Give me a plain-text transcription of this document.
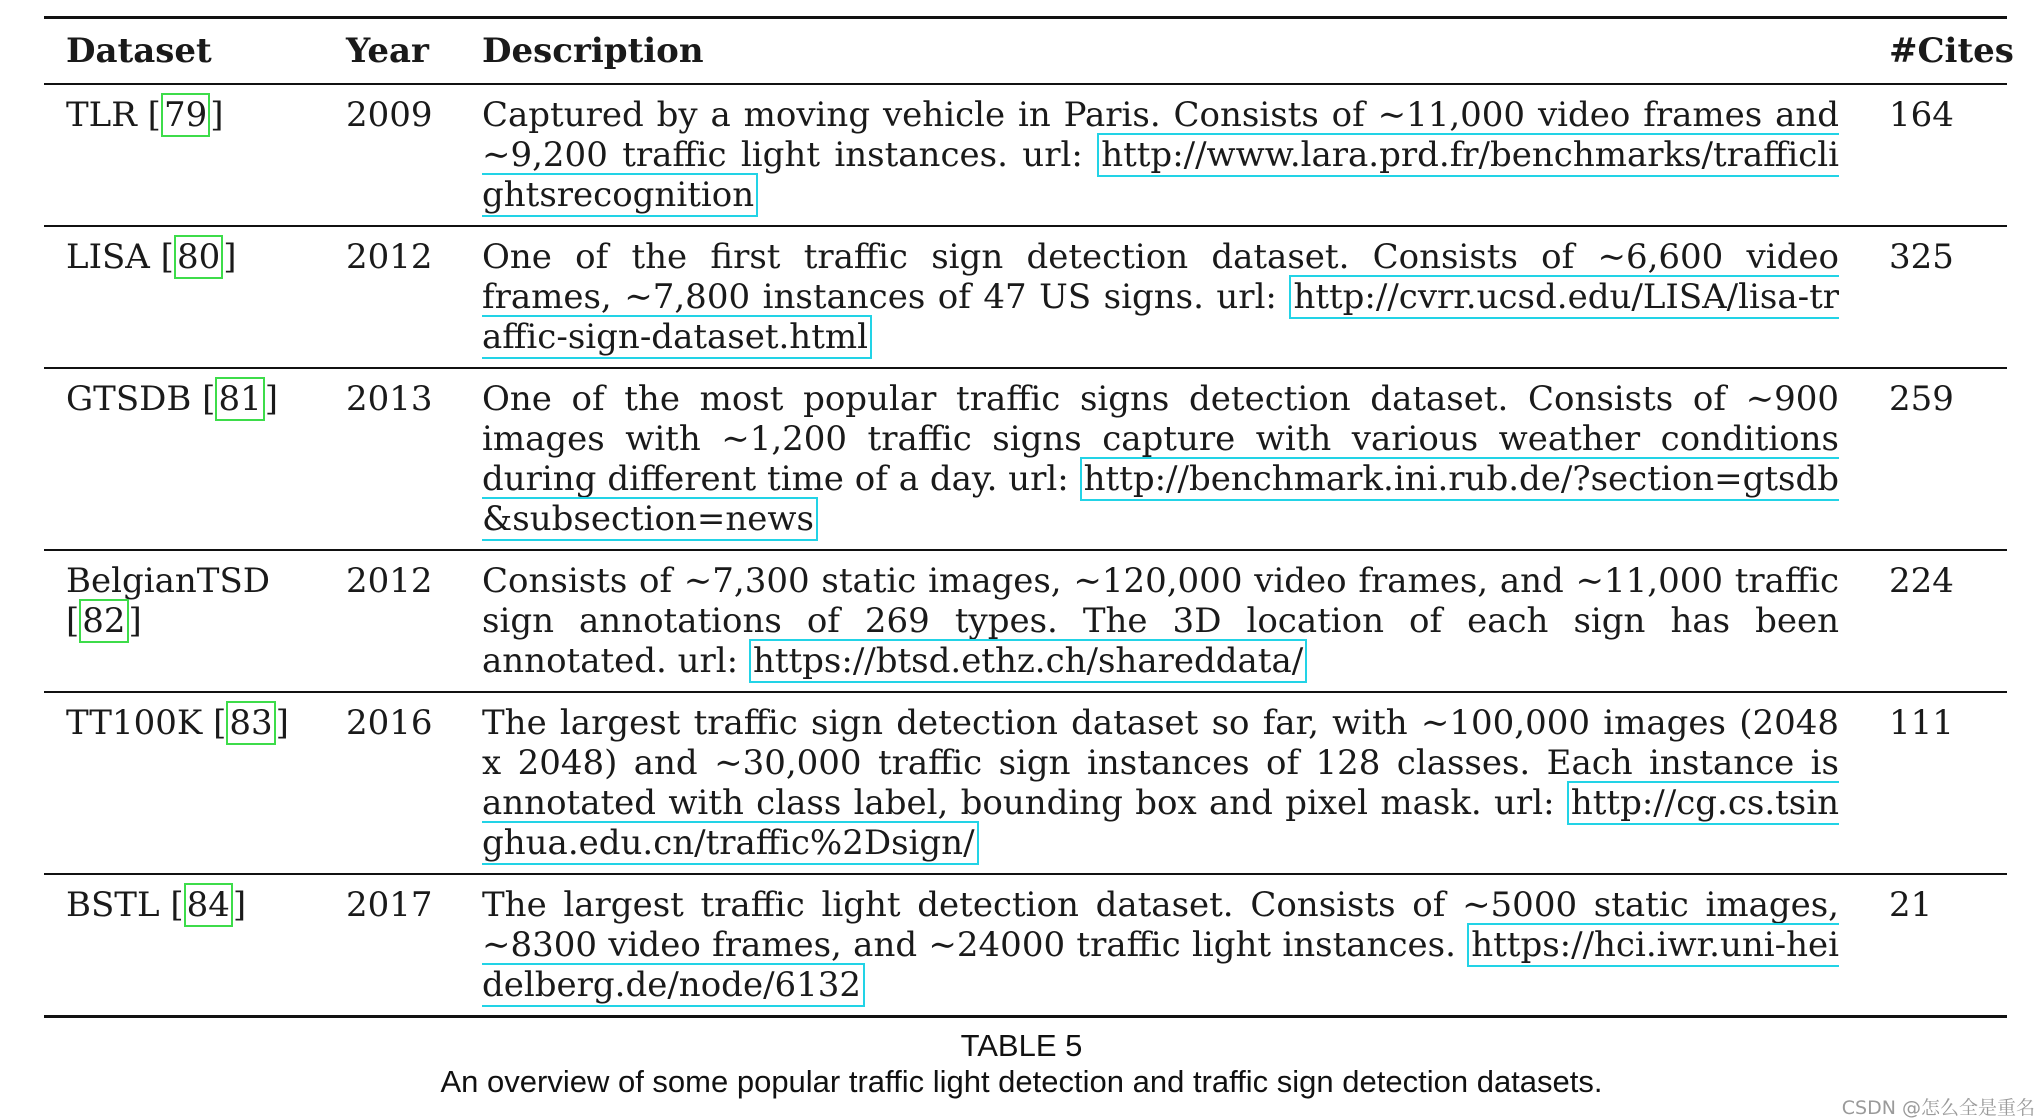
Dataset	Year	Description	#Cites
TLR [79]	2009	Captured by a moving vehicle in Paris. Consists of ∼11,000 video frames and ∼9,200 traffic light instances. url: http://www.lara.prd.fr/benchmarks/trafficlightsrecognition	164
LISA [80]	2012	One of the first traffic sign detection dataset. Consists of ∼6,600 video frames, ∼7,800 instances of 47 US signs. url: http://cvrr.ucsd.edu/LISA/lisa-traffic-sign-dataset.html	325
GTSDB [81]	2013	One of the most popular traffic signs detection dataset. Consists of ∼900 images with ∼1,200 traffic signs capture with various weather conditions during different time of a day. url: http://benchmark.ini.rub.de/?section=gtsdb&subsection=news	259
BelgianTSD [82]	2012	Consists of ∼7,300 static images, ∼120,000 video frames, and ∼11,000 traffic sign annotations of 269 types. The 3D location of each sign has been annotated. url: https://btsd.ethz.ch/shareddata/	224
TT100K [83]	2016	The largest traffic sign detection dataset so far, with ∼100,000 images (2048 x 2048) and ∼30,000 traffic sign instances of 128 classes. Each instance is annotated with class label, bounding box and pixel mask. url: http://cg.cs.tsinghua.edu.cn/traffic%2Dsign/	111
BSTL [84]	2017	The largest traffic light detection dataset. Consists of ∼5000 static images, ∼8300 video frames, and ∼24000 traffic light instances. https://hci.iwr.uni-heidelberg.de/node/6132	21
TABLE 5
An overview of some popular traffic light detection and traffic sign detection datasets.
CSDN @怎么全是重名
